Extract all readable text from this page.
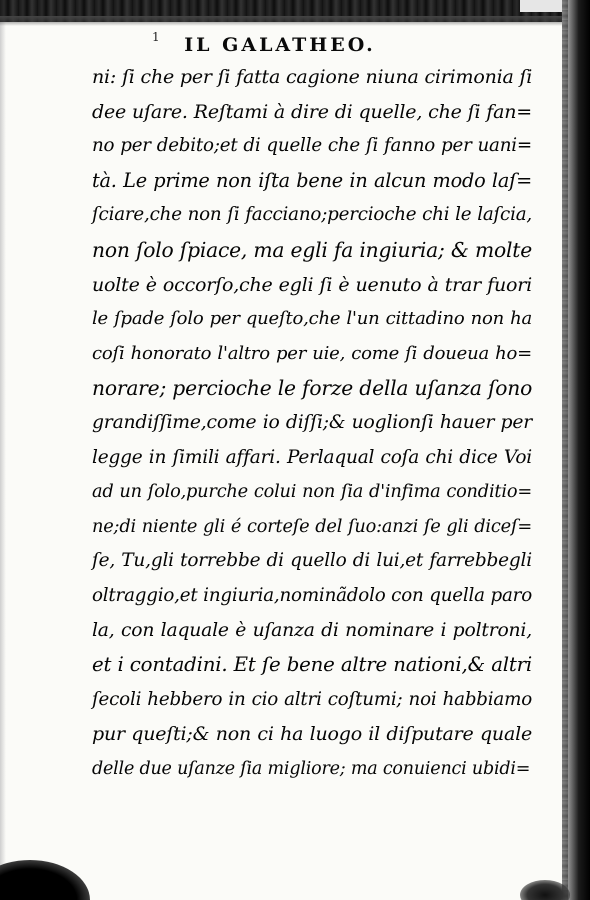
1	IL GALATHEO.
ni: ſi che per ſi fatta cagione niuna cirimonia ſi
dee uſare. Reſtami à dire di quelle, che ſi fan=
no per debito;et di quelle che ſi fanno per uani=
tà. Le prime non iſta bene in alcun modo laſ=
ſciare,che non ſi facciano;percioche chi le laſcia,
non ſolo ſpiace, ma egli fa ingiuria; & molte
uolte è occorſo,che egli ſi è uenuto à trar fuori
le ſpade ſolo per queſto,che l'un cittadino non ha
coſi honorato l'altro per uie, come ſi doueua ho=
norare; percioche le forze della uſanza ſono
grandiſſime,come io diſſi;& uoglionſi hauer per
legge in ſimili affari. Perlaqual coſa chi dice Voi
ad un ſolo,purche colui non ſia d'infima conditio=
ne;di niente gli é corteſe del ſuo:anzi ſe gli diceſ=
ſe, Tu,gli torrebbe di quello di lui,et farrebbegli
oltraggio,et ingiuria,nominãdolo con quella paro
la, con laquale è uſanza di nominare i poltroni,
et i contadini. Et ſe bene altre nationi,& altri
ſecoli hebbero in cio altri coſtumi; noi habbiamo
pur queſti;& non ci ha luogo il diſputare quale
delle due uſanze ſia migliore; ma conuienci ubidi=
